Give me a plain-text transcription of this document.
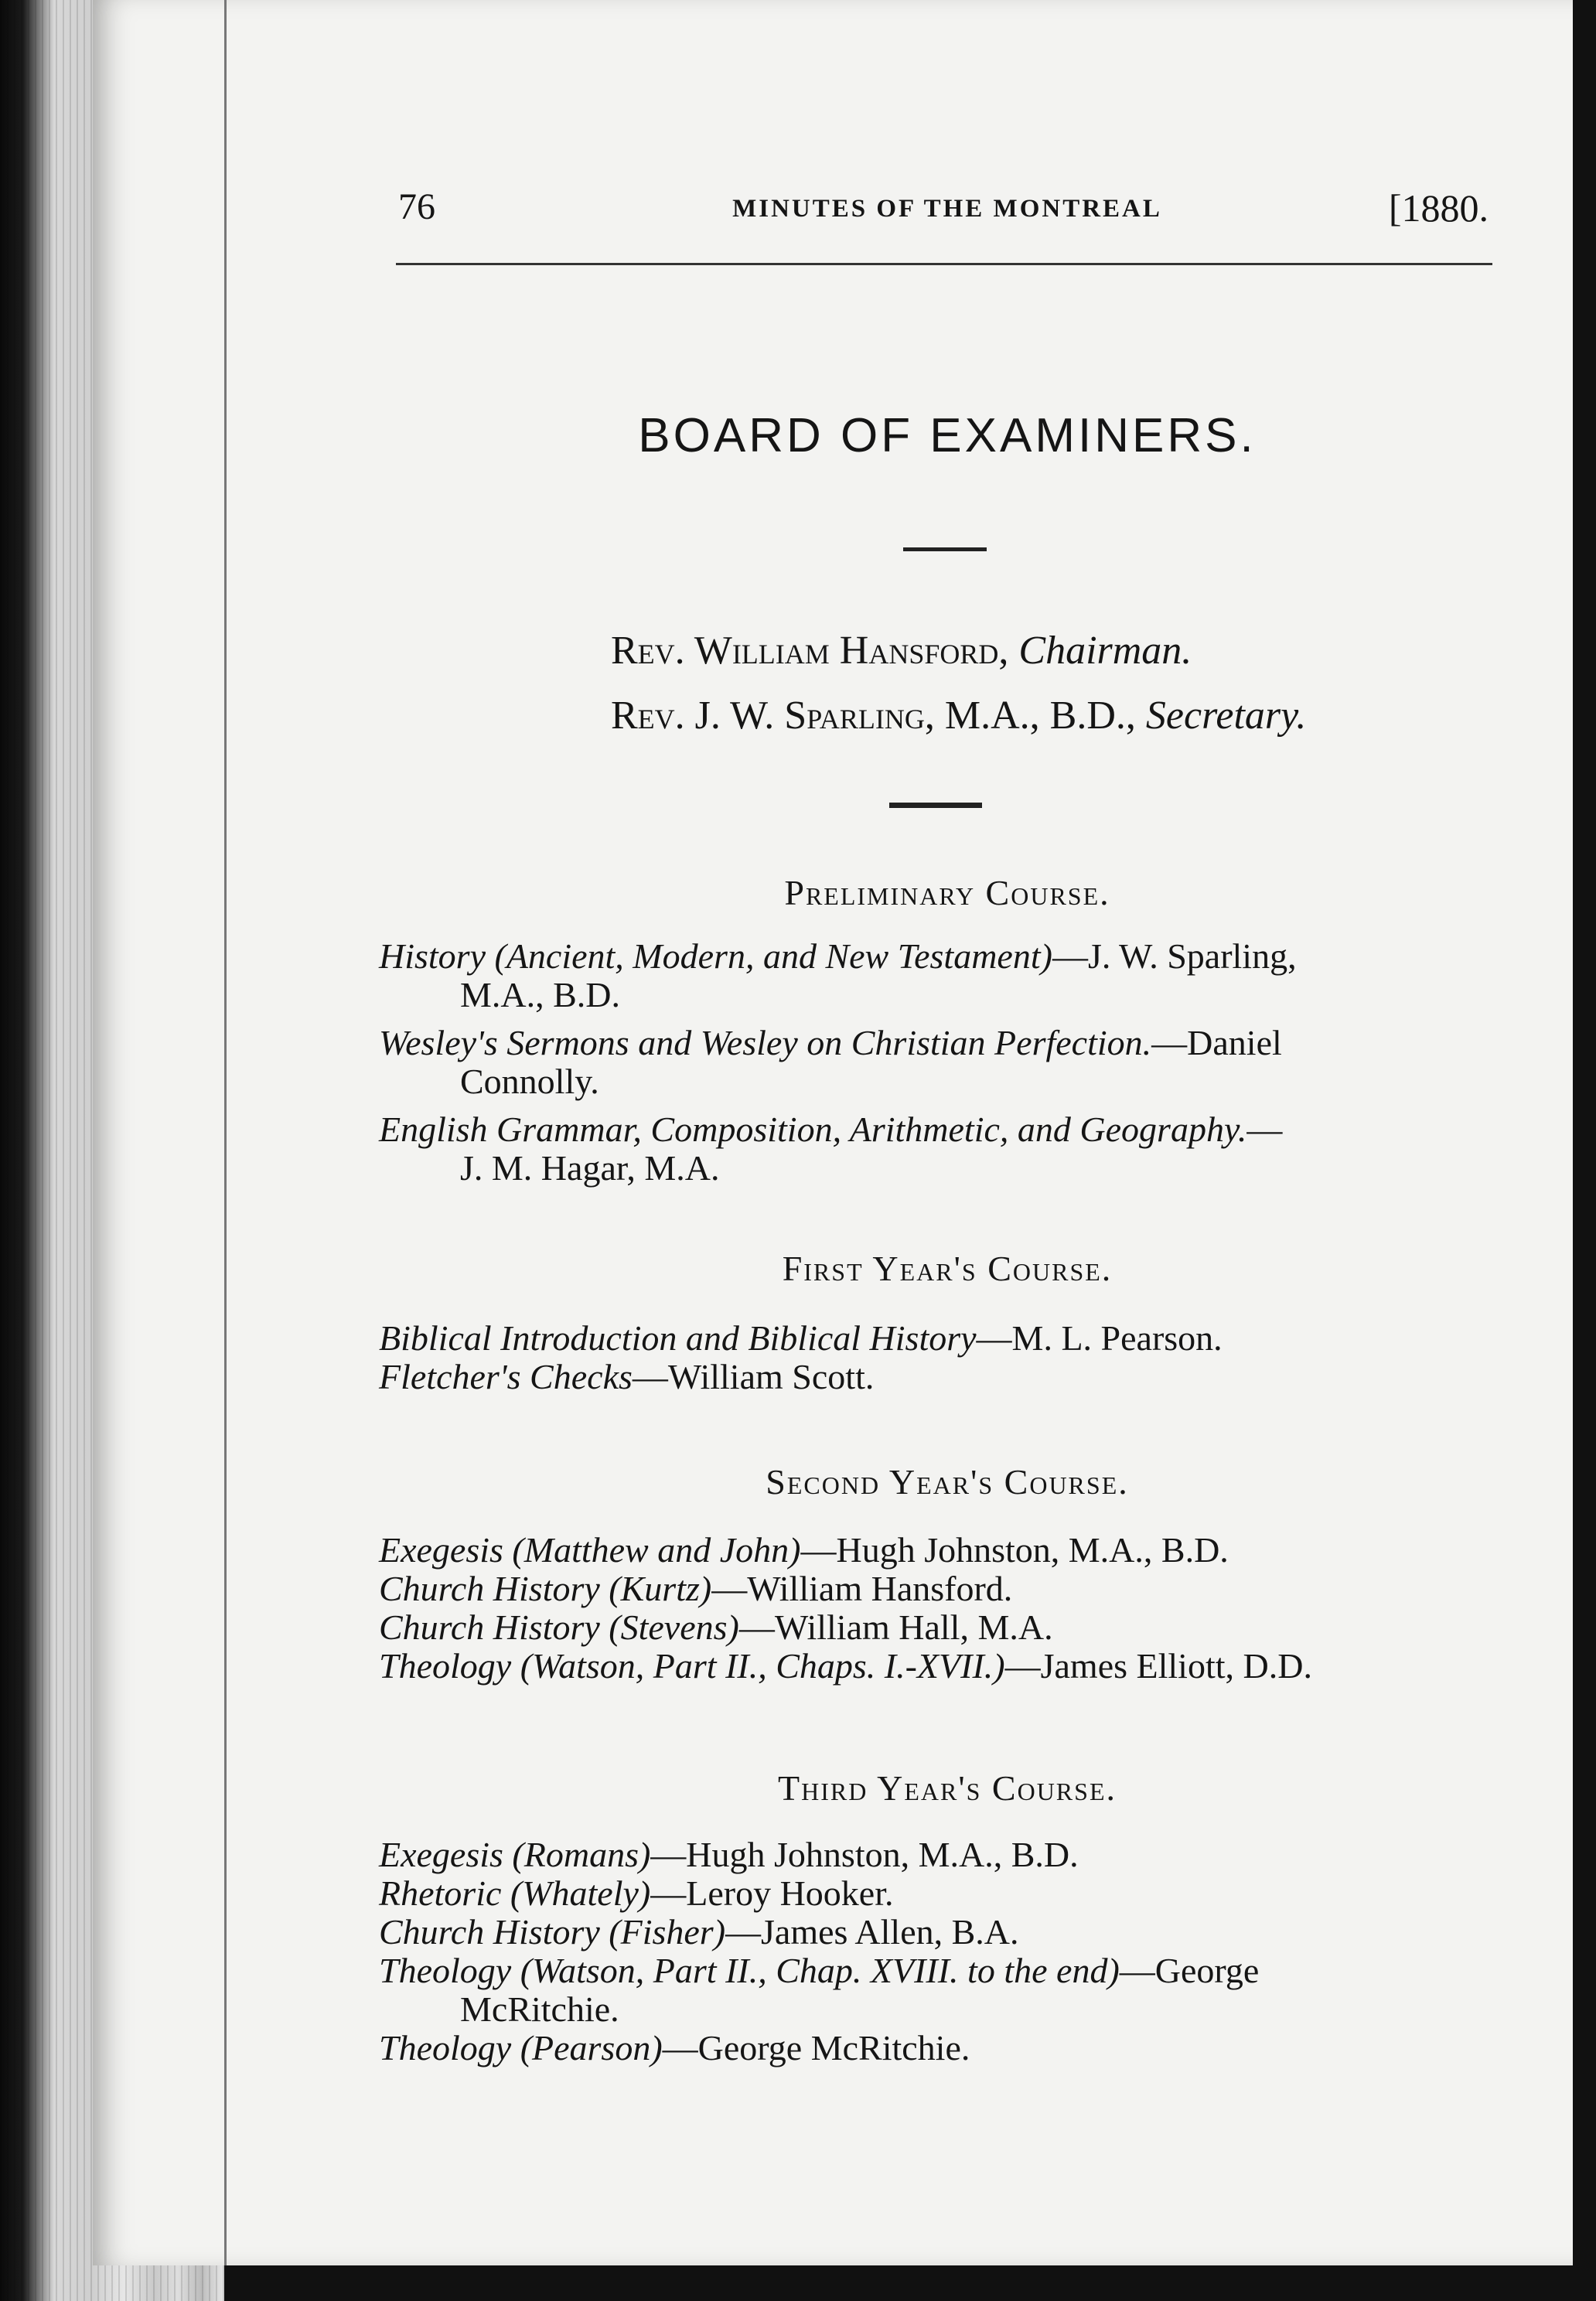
76	MINUTES OF THE MONTREAL	[1880.
BOARD OF EXAMINERS.
Rev. William Hansford, Chairman.
Rev. J. W. Sparling, M.A., B.D., Secretary.
Preliminary Course.
History (Ancient, Modern, and New Testament)—J. W. Sparling,
M.A., B.D.
Wesley's Sermons and Wesley on Christian Perfection.—Daniel
Connolly.
English Grammar, Composition, Arithmetic, and Geography.—
J. M. Hagar, M.A.
First Year's Course.
Biblical Introduction and Biblical History—M. L. Pearson.
Fletcher's Checks—William Scott.
Second Year's Course.
Exegesis (Matthew and John)—Hugh Johnston, M.A., B.D.
Church History (Kurtz)—William Hansford.
Church History (Stevens)—William Hall, M.A.
Theology (Watson, Part II., Chaps. I.-XVII.)—James Elliott, D.D.
Third Year's Course.
Exegesis (Romans)—Hugh Johnston, M.A., B.D.
Rhetoric (Whately)—Leroy Hooker.
Church History (Fisher)—James Allen, B.A.
Theology (Watson, Part II., Chap. XVIII. to the end)—George
McRitchie.
Theology (Pearson)—George McRitchie.
